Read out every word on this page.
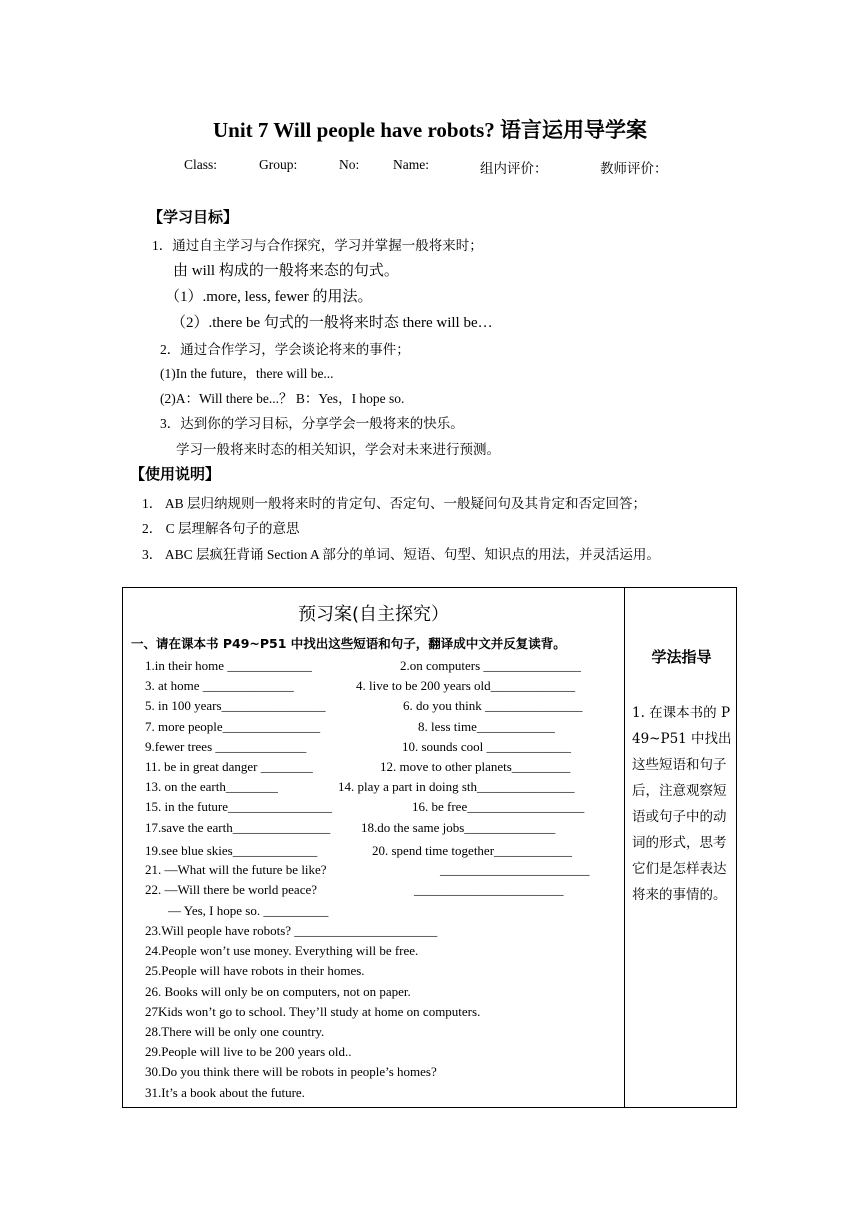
Unit 7 Will people have robots? 语言运用导学案
Class:	Group:	No:	Name:	组内评价：	教师评价：
【学习目标】
1．通过自主学习与合作探究，学习并掌握一般将来时；
由 will 构成的一般将来态的句式。
（1）.more, less, fewer 的用法。
（2）.there be 句式的一般将来时态 there will be…
2．通过合作学习，学会谈论将来的事件；
(1)In the future，there will be...
(2)A：Will there be...？ B：Yes，I hope so.
3．达到你的学习目标，分享学会一般将来的快乐。
学习一般将来时态的相关知识，学会对未来进行预测。
【使用说明】
1． AB 层归纳规则一般将来时的肯定句、否定句、一般疑问句及其肯定和否定回答；
2． C 层理解各句子的意思
3． ABC 层疯狂背诵 Section A 部分的单词、短语、句型、知识点的用法，并灵活运用。
预习案(自主探究）
一、请在课本书 P49~P51 中找出这些短语和句子，翻译成中文并反复读背。
1.in their home _____________	2.on computers _______________
3. at home ______________	4. live to be 200 years old_____________
5. in 100 years________________	6. do you think _______________
7. more people_______________	8. less time____________
9.fewer trees ______________	10. sounds cool _____________
11. be in great danger ________	12. move to other planets_________
13. on the earth________	14. play a part in doing sth_______________
15. in the future________________	16. be free__________________
17.save the earth_______________ 18.do the same jobs______________
19.see blue skies_____________	20. spend time together____________
21. —What will the future be like?	_______________________
22. —Will there be world peace?	_______________________
— Yes, I hope so. __________
23.Will people have robots? ______________________
24.People won’t use money. Everything will be free.
25.People will have robots in their homes.
26. Books will only be on computers, not on paper.
27Kids won’t go to school. They’ll study at home on computers.
28.There will be only one country.
29.People will live to be 200 years old..
30.Do you think there will be robots in people’s homes?
31.It’s a book about the future.
学法指导
1. 在课本书的 P49~P51 中找出这些短语和句子后，注意观察短语或句子中的动词的形式，思考它们是怎样表达将来的事情的。
